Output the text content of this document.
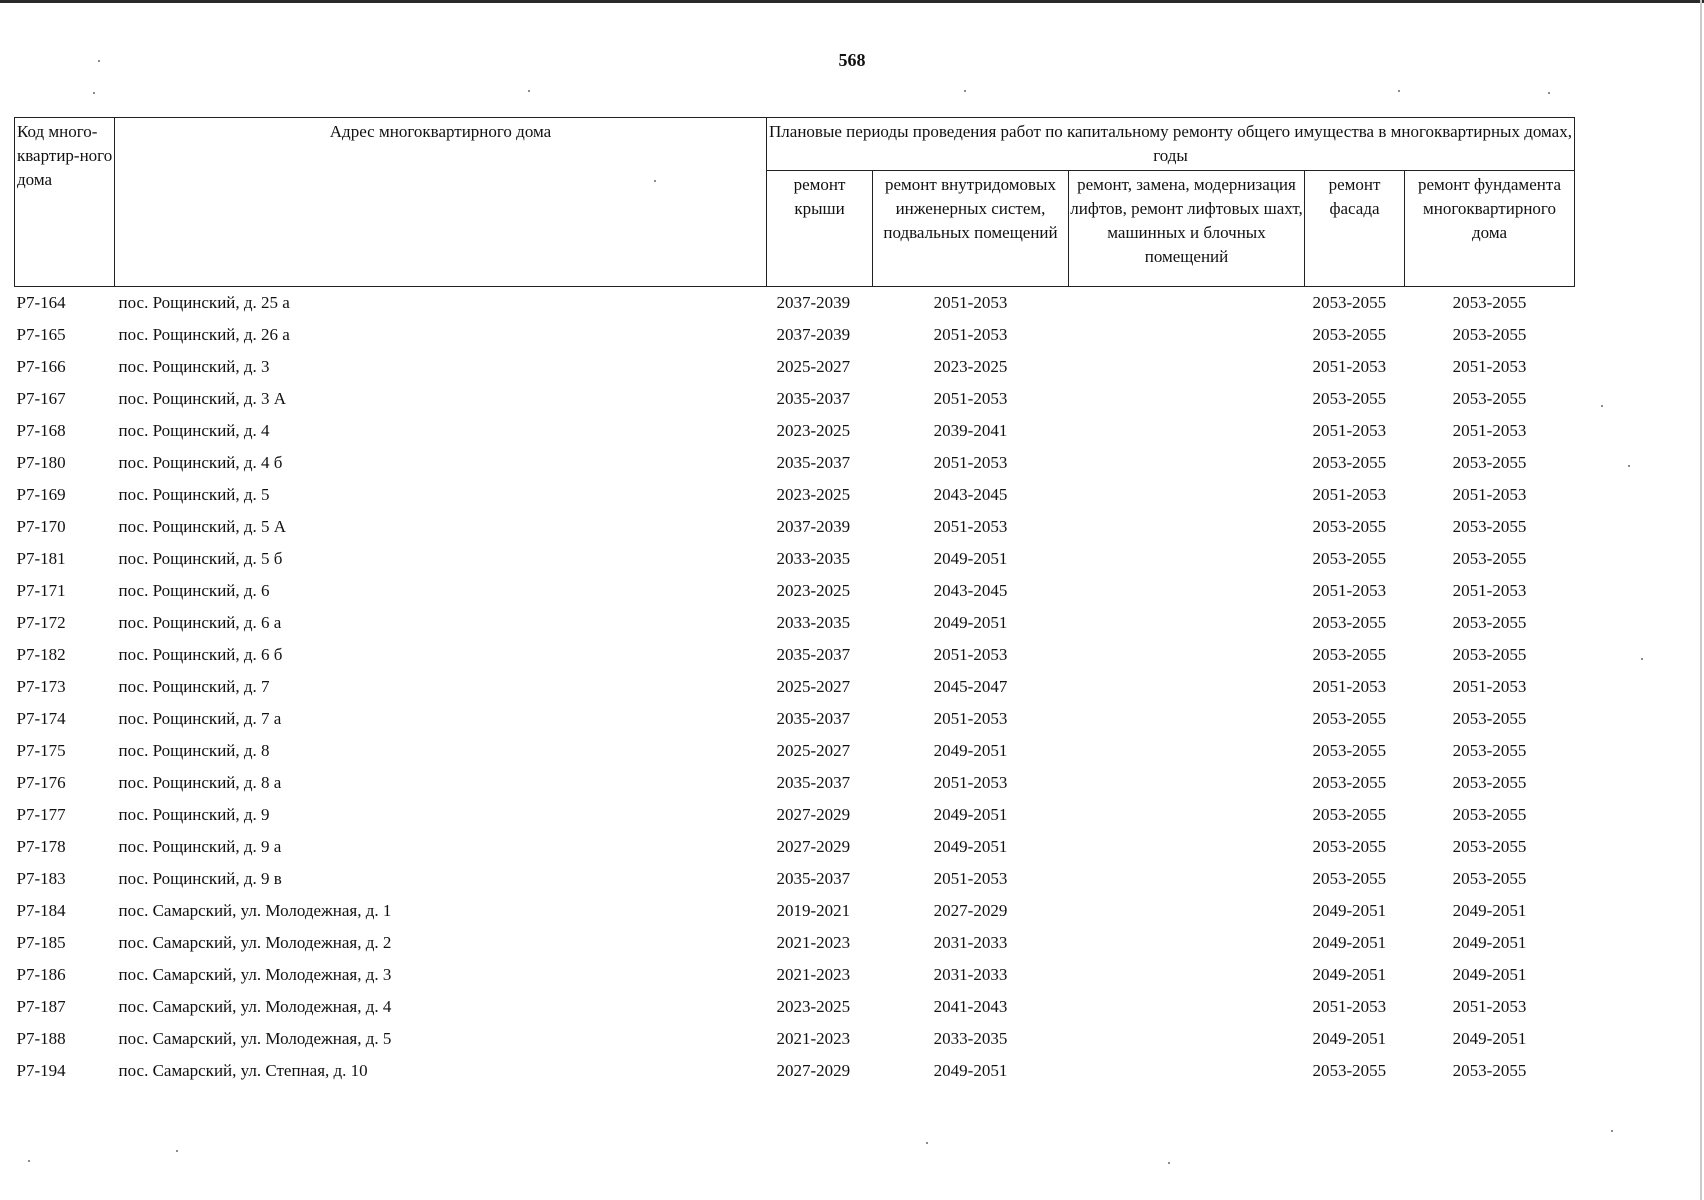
568
Код много-квартир-ного дома	Адрес многоквартирного дома	Плановые периоды проведения работ по капитальному ремонту общего имущества в многоквартирных домах, годы				
		ремонт крыши	ремонт внутридомовых инженерных систем, подвальных помещений	ремонт, замена, модернизация лифтов, ремонт лифтовых шахт, машинных и блочных помещений	ремонт фасада	ремонт фундамента многоквартирного дома
Р7-164	пос. Рощинский, д. 25 а	2037-2039	2051-2053		2053-2055	2053-2055
Р7-165	пос. Рощинский, д. 26 а	2037-2039	2051-2053		2053-2055	2053-2055
Р7-166	пос. Рощинский, д. 3	2025-2027	2023-2025		2051-2053	2051-2053
Р7-167	пос. Рощинский, д. 3 А	2035-2037	2051-2053		2053-2055	2053-2055
Р7-168	пос. Рощинский, д. 4	2023-2025	2039-2041		2051-2053	2051-2053
Р7-180	пос. Рощинский, д. 4 б	2035-2037	2051-2053		2053-2055	2053-2055
Р7-169	пос. Рощинский, д. 5	2023-2025	2043-2045		2051-2053	2051-2053
Р7-170	пос. Рощинский, д. 5 А	2037-2039	2051-2053		2053-2055	2053-2055
Р7-181	пос. Рощинский, д. 5 б	2033-2035	2049-2051		2053-2055	2053-2055
Р7-171	пос. Рощинский, д. 6	2023-2025	2043-2045		2051-2053	2051-2053
Р7-172	пос. Рощинский, д. 6 а	2033-2035	2049-2051		2053-2055	2053-2055
Р7-182	пос. Рощинский, д. 6 б	2035-2037	2051-2053		2053-2055	2053-2055
Р7-173	пос. Рощинский, д. 7	2025-2027	2045-2047		2051-2053	2051-2053
Р7-174	пос. Рощинский, д. 7 а	2035-2037	2051-2053		2053-2055	2053-2055
Р7-175	пос. Рощинский, д. 8	2025-2027	2049-2051		2053-2055	2053-2055
Р7-176	пос. Рощинский, д. 8 а	2035-2037	2051-2053		2053-2055	2053-2055
Р7-177	пос. Рощинский, д. 9	2027-2029	2049-2051		2053-2055	2053-2055
Р7-178	пос. Рощинский, д. 9 а	2027-2029	2049-2051		2053-2055	2053-2055
Р7-183	пос. Рощинский, д. 9 в	2035-2037	2051-2053		2053-2055	2053-2055
Р7-184	пос. Самарский, ул. Молодежная, д. 1	2019-2021	2027-2029		2049-2051	2049-2051
Р7-185	пос. Самарский, ул. Молодежная, д. 2	2021-2023	2031-2033		2049-2051	2049-2051
Р7-186	пос. Самарский, ул. Молодежная, д. 3	2021-2023	2031-2033		2049-2051	2049-2051
Р7-187	пос. Самарский, ул. Молодежная, д. 4	2023-2025	2041-2043		2051-2053	2051-2053
Р7-188	пос. Самарский, ул. Молодежная, д. 5	2021-2023	2033-2035		2049-2051	2049-2051
Р7-194	пос. Самарский, ул. Степная, д. 10	2027-2029	2049-2051		2053-2055	2053-2055
